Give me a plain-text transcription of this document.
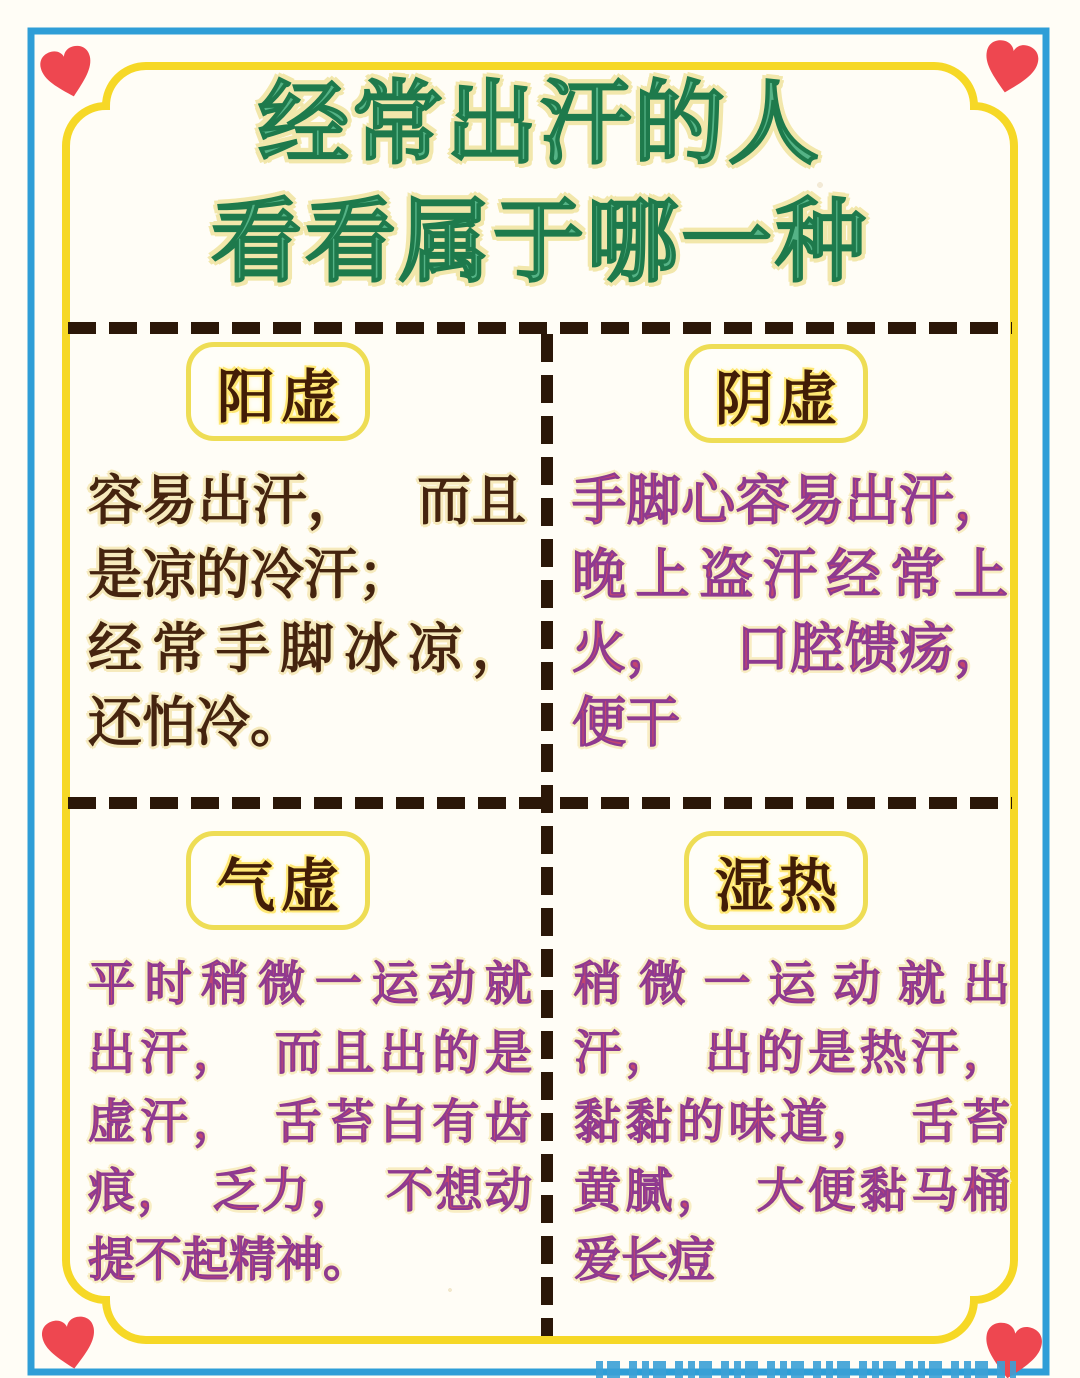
经常出汗的人
看看属于哪一种
阳虚
容易出汗， 而且
是凉的冷汗；
经常手脚冰凉，
还怕冷。
阴虚
手脚心容易出汗，
晚上盗汗经常上
火， 口腔馈疡，
便干
气虚
平时稍微一运动就
出汗， 而且出的是
虚汗， 舌苔白有齿
痕， 乏力， 不想动
提不起精神。
湿热
稍微一运动就出
汗， 出的是热汗，
黏黏的味道， 舌苔
黄腻， 大便黏马桶
爱长痘
